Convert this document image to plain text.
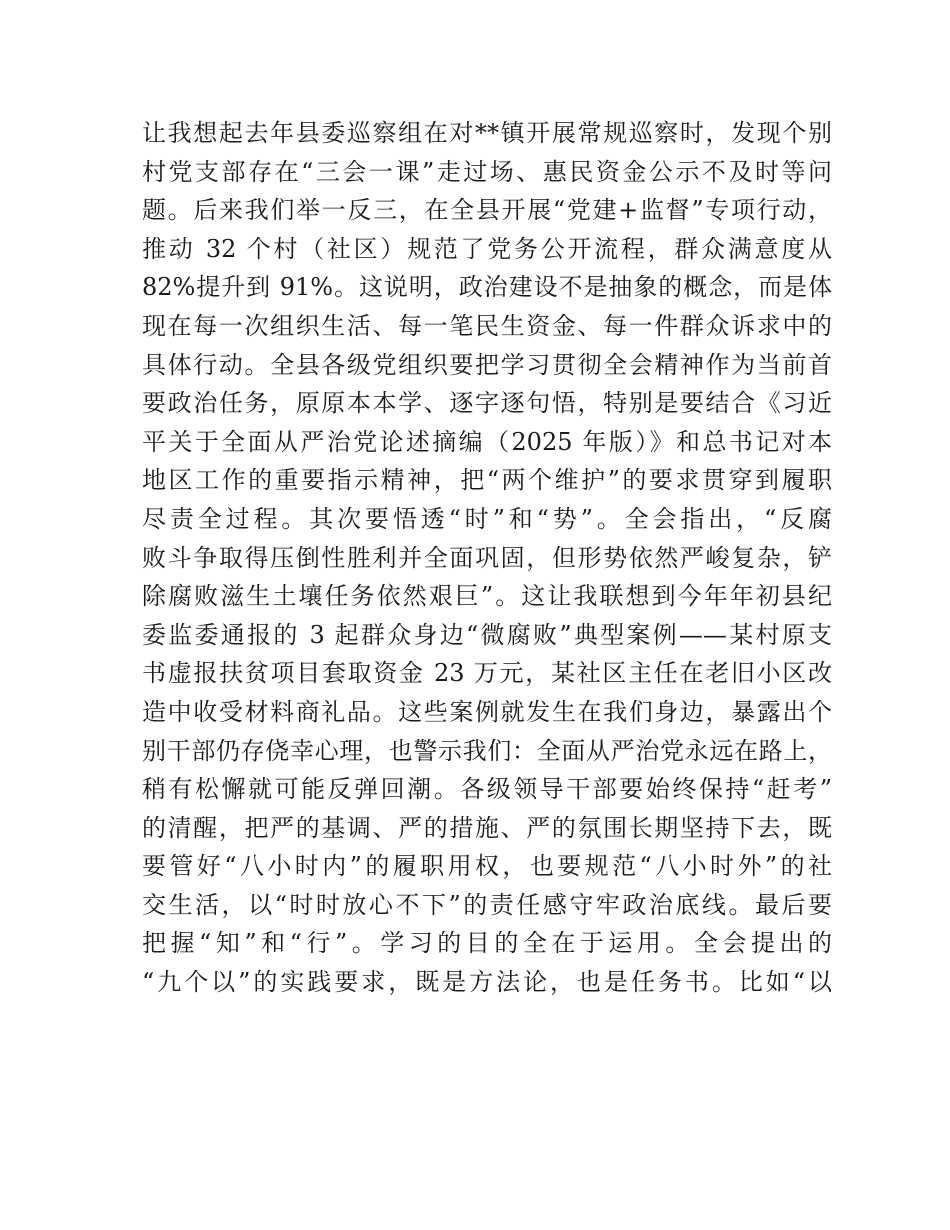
让我想起去年县委巡察组在对**镇开展常规巡察时，发现个别
村党支部存在“三会一课”走过场、惠民资金公示不及时等问
题。后来我们举一反三，在全县开展“党建+监督”专项行动，
推动 32 个村（社区）规范了党务公开流程，群众满意度从
82%提升到 91%。这说明，政治建设不是抽象的概念，而是体
现在每一次组织生活、每一笔民生资金、每一件群众诉求中的
具体行动。全县各级党组织要把学习贯彻全会精神作为当前首
要政治任务，原原本本学、逐字逐句悟，特别是要结合《习近
平关于全面从严治党论述摘编（2025 年版）》和总书记对本
地区工作的重要指示精神，把“两个维护”的要求贯穿到履职
尽责全过程。其次要悟透“时”和“势”。全会指出，“反腐
败斗争取得压倒性胜利并全面巩固，但形势依然严峻复杂，铲
除腐败滋生土壤任务依然艰巨”。这让我联想到今年年初县纪
委监委通报的 3 起群众身边“微腐败”典型案例——某村原支
书虚报扶贫项目套取资金 23 万元，某社区主任在老旧小区改
造中收受材料商礼品。这些案例就发生在我们身边，暴露出个
别干部仍存侥幸心理，也警示我们：全面从严治党永远在路上，
稍有松懈就可能反弹回潮。各级领导干部要始终保持“赶考”
的清醒，把严的基调、严的措施、严的氛围长期坚持下去，既
要管好“八小时内”的履职用权，也要规范“八小时外”的社
交生活，以“时时放心不下”的责任感守牢政治底线。最后要
把握“知”和“行”。学习的目的全在于运用。全会提出的
“九个以”的实践要求，既是方法论，也是任务书。比如“以
